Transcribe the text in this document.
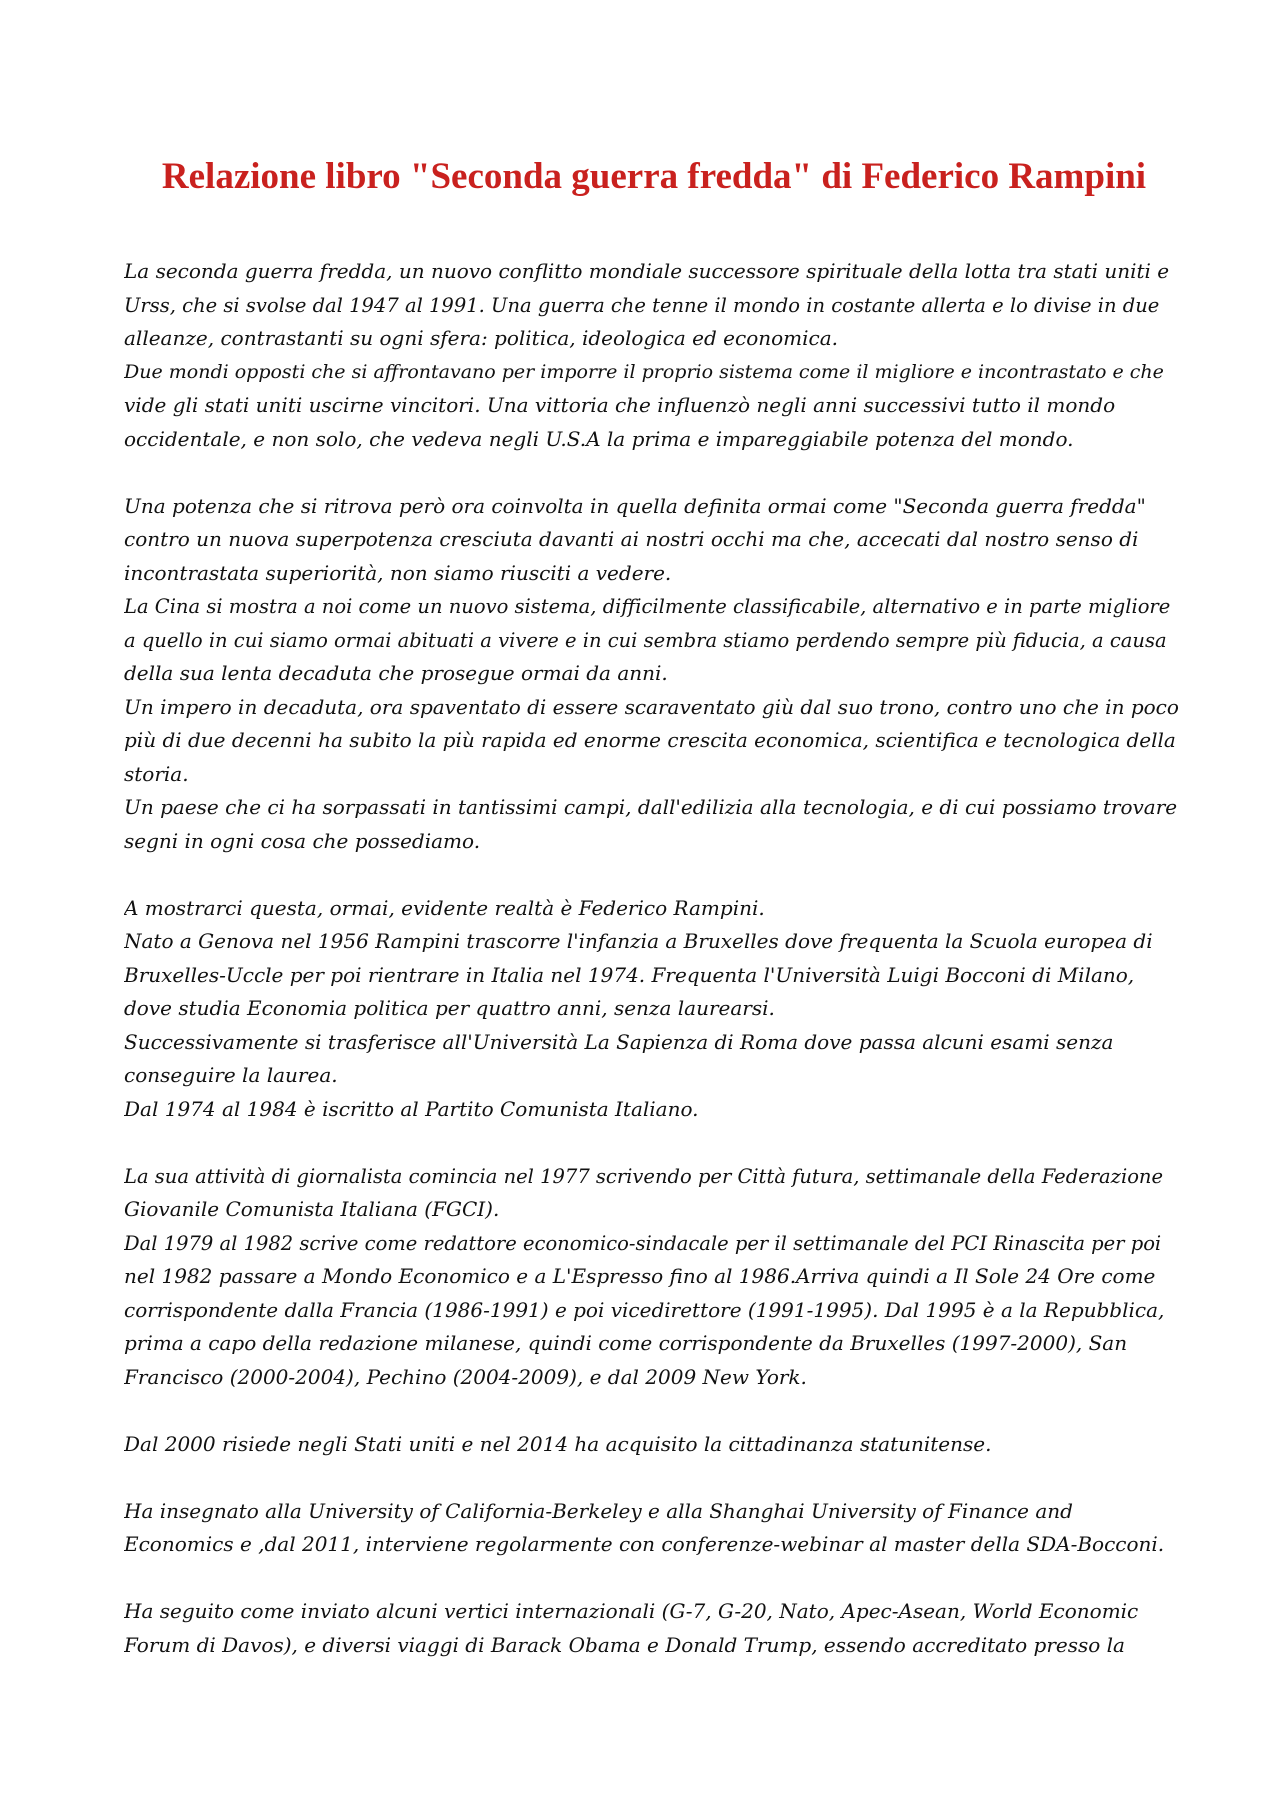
Relazione libro "Seconda guerra fredda" di Federico Rampini
La seconda guerra fredda, un nuovo conflitto mondiale successore spirituale della lotta tra stati uniti e
Urss, che si svolse dal 1947 al 1991. Una guerra che tenne il mondo in costante allerta e lo divise in due
alleanze, contrastanti su ogni sfera: politica, ideologica ed economica.
Due mondi opposti che si affrontavano per imporre il proprio sistema come il migliore e incontrastato e che
vide gli stati uniti uscirne vincitori. Una vittoria che influenzò negli anni successivi tutto il mondo
occidentale, e non solo, che vedeva negli U.S.A la prima e impareggiabile potenza del mondo.
Una potenza che si ritrova però ora coinvolta in quella definita ormai come "Seconda guerra fredda"
contro un nuova superpotenza cresciuta davanti ai nostri occhi ma che, accecati dal nostro senso di
incontrastata superiorità, non siamo riusciti a vedere.
La Cina si mostra a noi come un nuovo sistema, difficilmente classificabile, alternativo e in parte migliore
a quello in cui siamo ormai abituati a vivere e in cui sembra stiamo perdendo sempre più fiducia, a causa
della sua lenta decaduta che prosegue ormai da anni.
Un impero in decaduta, ora spaventato di essere scaraventato giù dal suo trono, contro uno che in poco
più di due decenni ha subito la più rapida ed enorme crescita economica, scientifica e tecnologica della
storia.
Un paese che ci ha sorpassati in tantissimi campi, dall'edilizia alla tecnologia, e di cui possiamo trovare
segni in ogni cosa che possediamo.
A mostrarci questa, ormai, evidente realtà è Federico Rampini.
Nato a Genova nel 1956 Rampini trascorre l'infanzia a Bruxelles dove frequenta la Scuola europea di
Bruxelles-Uccle per poi rientrare in Italia nel 1974. Frequenta l'Università Luigi Bocconi di Milano,
dove studia Economia politica per quattro anni, senza laurearsi.
Successivamente si trasferisce all'Università La Sapienza di Roma dove passa alcuni esami senza
conseguire la laurea.
Dal 1974 al 1984 è iscritto al Partito Comunista Italiano.
La sua attività di giornalista comincia nel 1977 scrivendo per Città futura, settimanale della Federazione
Giovanile Comunista Italiana (FGCI).
Dal 1979 al 1982 scrive come redattore economico-sindacale per il settimanale del PCI Rinascita per poi
nel 1982 passare a Mondo Economico e a L'Espresso fino al 1986.Arriva quindi a Il Sole 24 Ore come
corrispondente dalla Francia (1986-1991) e poi vicedirettore (1991-1995). Dal 1995 è a la Repubblica,
prima a capo della redazione milanese, quindi come corrispondente da Bruxelles (1997-2000), San
Francisco (2000-2004), Pechino (2004-2009), e dal 2009 New York.
Dal 2000 risiede negli Stati uniti e nel 2014 ha acquisito la cittadinanza statunitense.
Ha insegnato alla University of California-Berkeley e alla Shanghai University of Finance and
Economics e ,dal 2011, interviene regolarmente con conferenze-webinar al master della SDA-Bocconi.
Ha seguito come inviato alcuni vertici internazionali (G-7, G-20, Nato, Apec-Asean, World Economic
Forum di Davos), e diversi viaggi di Barack Obama e Donald Trump, essendo accreditato presso la
